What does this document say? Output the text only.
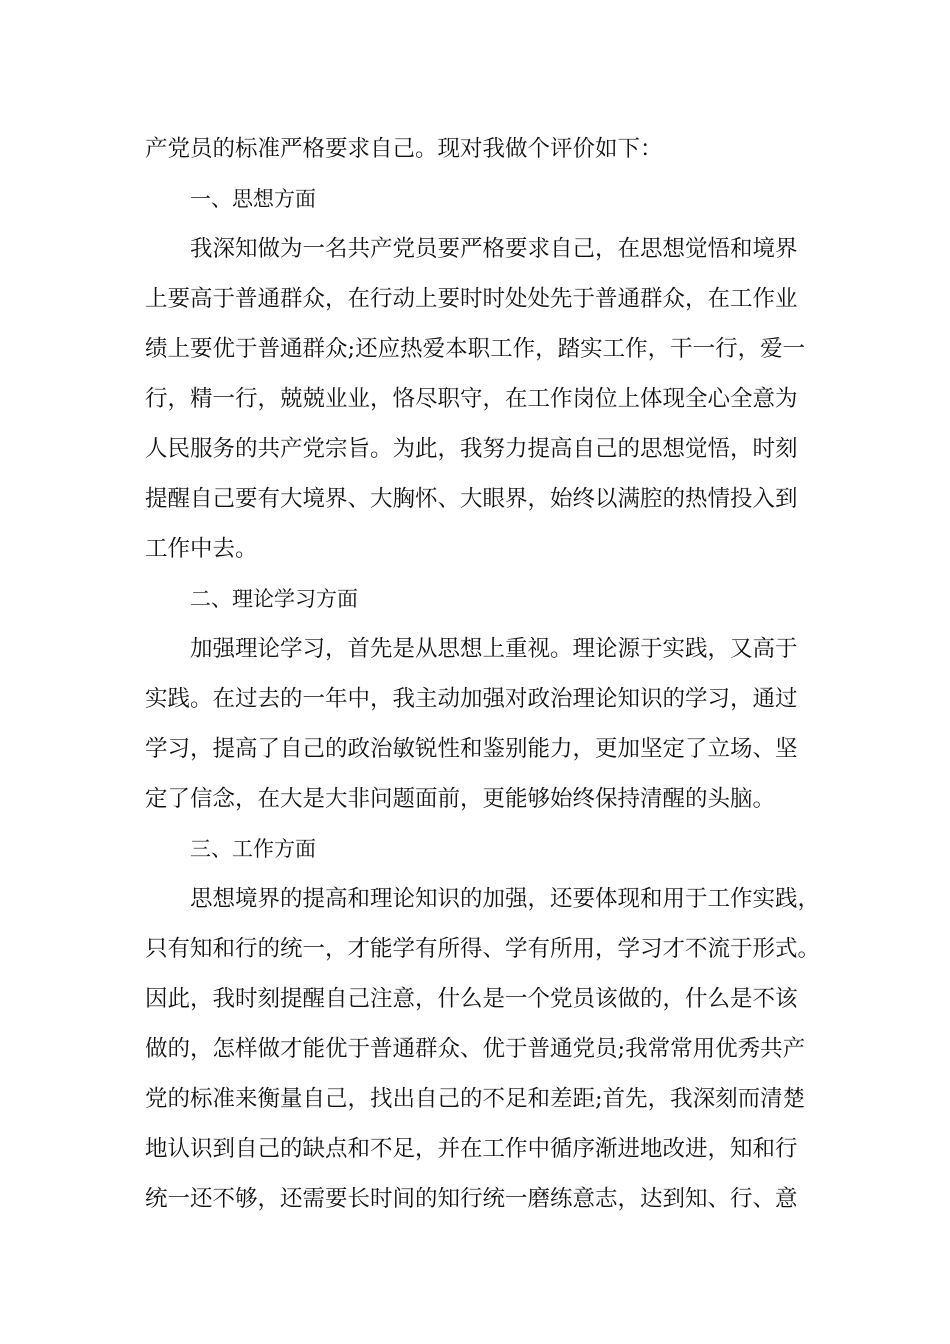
产党员的标准严格要求自己。现对我做个评价如下：
一、思想方面
我深知做为一名共产党员要严格要求自己，在思想觉悟和境界
上要高于普通群众，在行动上要时时处处先于普通群众，在工作业
绩上要优于普通群众;还应热爱本职工作，踏实工作，干一行，爱一
行，精一行，兢兢业业，恪尽职守，在工作岗位上体现全心全意为
人民服务的共产党宗旨。为此，我努力提高自己的思想觉悟，时刻
提醒自己要有大境界、大胸怀、大眼界，始终以满腔的热情投入到
工作中去。
二、理论学习方面
加强理论学习，首先是从思想上重视。理论源于实践，又高于
实践。在过去的一年中，我主动加强对政治理论知识的学习，通过
学习，提高了自己的政治敏锐性和鉴别能力，更加坚定了立场、坚
定了信念，在大是大非问题面前，更能够始终保持清醒的头脑。
三、工作方面
思想境界的提高和理论知识的加强，还要体现和用于工作实践，
只有知和行的统一，才能学有所得、学有所用，学习才不流于形式。
因此，我时刻提醒自己注意，什么是一个党员该做的，什么是不该
做的，怎样做才能优于普通群众、优于普通党员;我常常用优秀共产
党的标准来衡量自己，找出自己的不足和差距;首先，我深刻而清楚
地认识到自己的缺点和不足，并在工作中循序渐进地改进，知和行
统一还不够，还需要长时间的知行统一磨练意志，达到知、行、意
